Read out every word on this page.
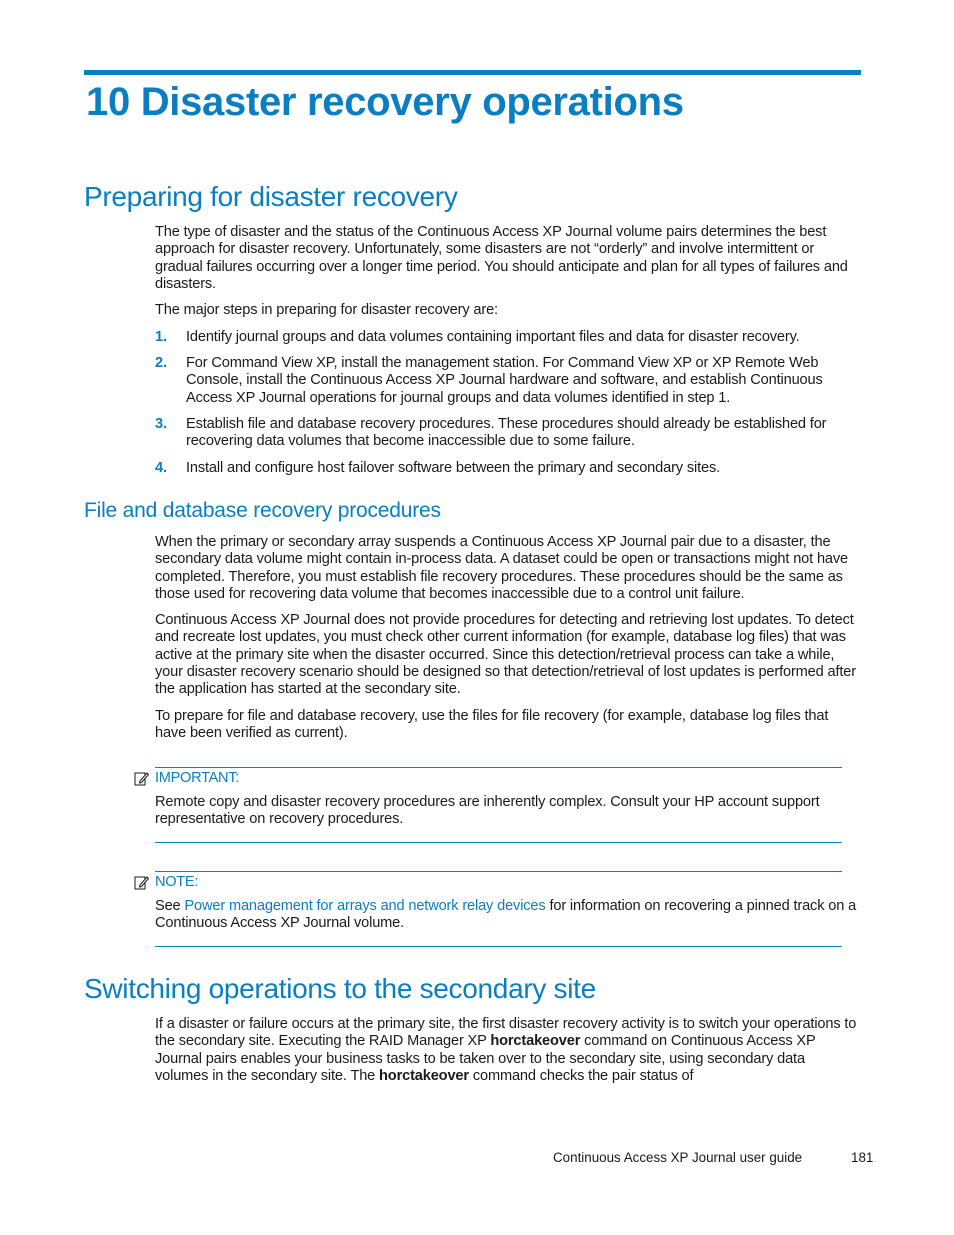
10 Disaster recovery operations
Preparing for disaster recovery

The type of disaster and the status of the Continuous Access XP Journal volume pairs determines the best approach for disaster recovery. Unfortunately, some disasters are not “orderly” and involve intermittent or gradual failures occurring over a longer time period. You should anticipate and plan for all types of failures and disasters.

The major steps in preparing for disaster recovery are:

1. Identify journal groups and data volumes containing important files and data for disaster recovery.
2. For Command View XP, install the management station. For Command View XP or XP Remote Web Console, install the Continuous Access XP Journal hardware and software, and establish Continuous Access XP Journal operations for journal groups and data volumes identified in step 1.
3. Establish file and database recovery procedures. These procedures should already be established for recovering data volumes that become inaccessible due to some failure.
4. Install and configure host failover software between the primary and secondary sites.
File and database recovery procedures

When the primary or secondary array suspends a Continuous Access XP Journal pair due to a disaster, the secondary data volume might contain in-process data. A dataset could be open or transactions might not have completed. Therefore, you must establish file recovery procedures. These procedures should be the same as those used for recovering data volume that becomes inaccessible due to a control unit failure.

Continuous Access XP Journal does not provide procedures for detecting and retrieving lost updates. To detect and recreate lost updates, you must check other current information (for example, database log files) that was active at the primary site when the disaster occurred. Since this detection/retrieval process can take a while, your disaster recovery scenario should be designed so that detection/retrieval of lost updates is performed after the application has started at the secondary site.

To prepare for file and database recovery, use the files for file recovery (for example, database log files that have been verified as current).

IMPORTANT:

Remote copy and disaster recovery procedures are inherently complex. Consult your HP account support representative on recovery procedures.

NOTE:

See Power management for arrays and network relay devices for information on recovering a pinned track on a Continuous Access XP Journal volume.

Switching operations to the secondary site

If a disaster or failure occurs at the primary site, the first disaster recovery activity is to switch your operations to the secondary site. Executing the RAID Manager XP horctakeover command on Continuous Access XP Journal pairs enables your business tasks to be taken over to the secondary site, using secondary data volumes in the secondary site. The horctakeover command checks the pair status of

Continuous Access XP Journal user guide	181
